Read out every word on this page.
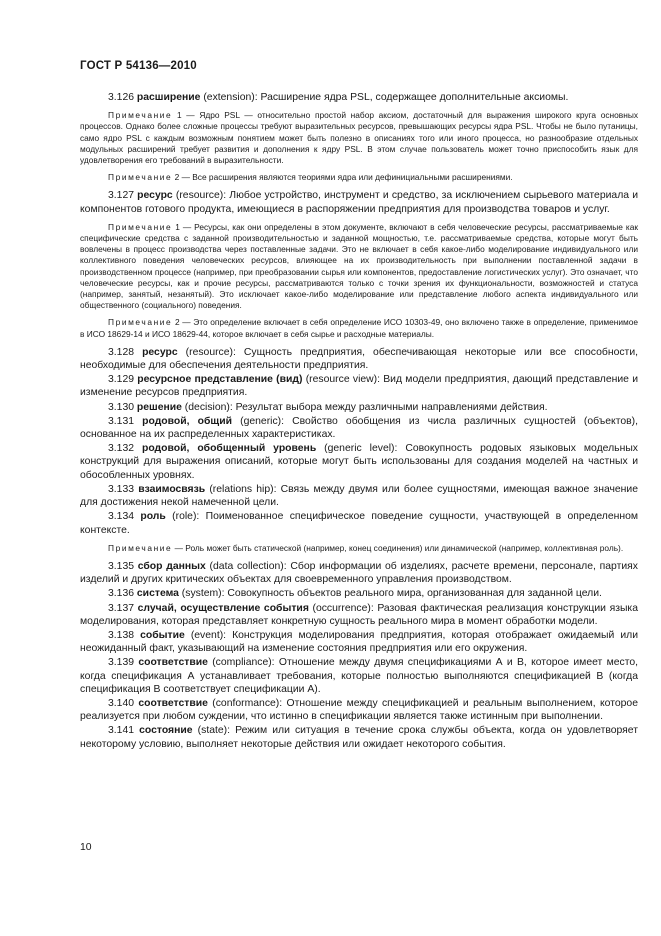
ГОСТ Р 54136—2010

3.126 расширение (extension): Расширение ядра PSL, содержащее дополнительные аксиомы.

Примечание 1 — Ядро PSL — относительно простой набор аксиом, достаточный для выражения широкого круга основных процессов. Однако более сложные процессы требуют выразительных ресурсов, превышающих ресурсы ядра PSL. Чтобы не было путаницы, само ядро PSL с каждым возможным понятием может быть полезно в описаниях того или иного процесса, но разнообразие отдельных модульных расширений требует развития и дополнения к ядру PSL. В этом случае пользователь может точно приспособить язык для удовлетворения его требований в выразительности.

Примечание 2 — Все расширения являются теориями ядра или дефинициальными расширениями.

3.127 ресурс (resource): Любое устройство, инструмент и средство, за исключением сырьевого материала и компонентов готового продукта, имеющиеся в распоряжении предприятия для производства товаров и услуг.

Примечание 1 — Ресурсы, как они определены в этом документе, включают в себя человеческие ресурсы, рассматриваемые как специфические средства с заданной производительностью и заданной мощностью, т.е. рассматриваемые средства, которые могут быть вовлечены в процесс производства через поставленные задачи. Это не включает в себя какое-либо моделирование индивидуального или коллективного поведения человеческих ресурсов, влияющее на их производительность при выполнении поставленной задачи в производственном процессе (например, при преобразовании сырья или компонентов, предоставление логистических услуг). Это означает, что человеческие ресурсы, как и прочие ресурсы, рассматриваются только с точки зрения их функциональности, возможностей и статуса (например, занятый, незанятый). Это исключает какое-либо моделирование или представление любого аспекта индивидуального или общественного (социального) поведения.

Примечание 2 — Это определение включает в себя определение ИСО 10303-49, оно включено также в определение, применимое в ИСО 18629-14 и ИСО 18629-44, которое включает в себя сырье и расходные материалы.

3.128 ресурс (resource): Сущность предприятия, обеспечивающая некоторые или все способности, необходимые для обеспечения деятельности предприятия.

3.129 ресурсное представление (вид) (resource view): Вид модели предприятия, дающий представление и изменение ресурсов предприятия.

3.130 решение (decision): Результат выбора между различными направлениями действия.

3.131 родовой, общий (generic): Свойство обобщения из числа различных сущностей (объектов), основанное на их распределенных характеристиках.

3.132 родовой, обобщенный уровень (generic level): Совокупность родовых языковых модельных конструкций для выражения описаний, которые могут быть использованы для создания моделей на частных и обособленных уровнях.

3.133 взаимосвязь (relations hip): Связь между двумя или более сущностями, имеющая важное значение для достижения некой намеченной цели.

3.134 роль (role): Поименованное специфическое поведение сущности, участвующей в определенном контексте.

Примечание — Роль может быть статической (например, конец соединения) или динамической (например, коллективная роль).

3.135 сбор данных (data collection): Сбор информации об изделиях, расчете времени, персонале, партиях изделий и других критических объектах для своевременного управления производством.

3.136 система (system): Совокупность объектов реального мира, организованная для заданной цели.

3.137 случай, осуществление события (occurrence): Разовая фактическая реализация конструкции языка моделирования, которая представляет конкретную сущность реального мира в момент обработки модели.

3.138 событие (event): Конструкция моделирования предприятия, которая отображает ожидаемый или неожиданный факт, указывающий на изменение состояния предприятия или его окружения.

3.139 соответствие (compliance): Отношение между двумя спецификациями А и В, которое имеет место, когда спецификация А устанавливает требования, которые полностью выполняются спецификацией В (когда спецификация В соответствует спецификации А).

3.140 соответствие (conformance): Отношение между спецификацией и реальным выполнением, которое реализуется при любом суждении, что истинно в спецификации является также истинным при выполнении.

3.141 состояние (state): Режим или ситуация в течение срока службы объекта, когда он удовлетворяет некоторому условию, выполняет некоторые действия или ожидает некоторого события.

10
